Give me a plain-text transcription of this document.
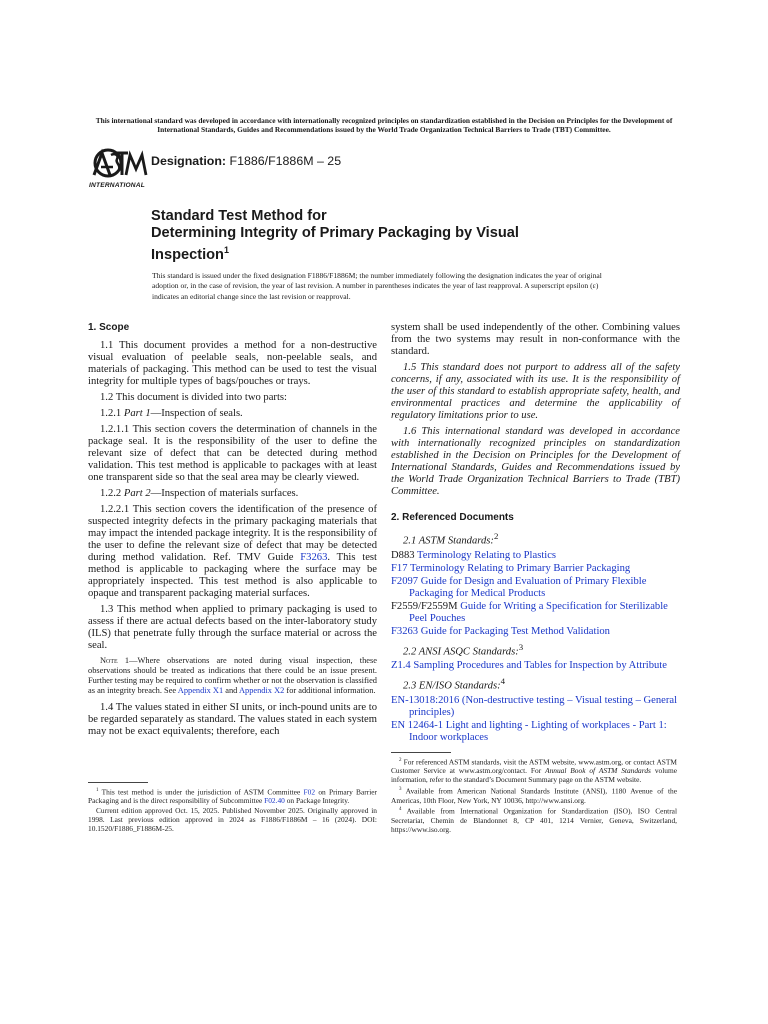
This international standard was developed in accordance with internationally recognized principles on standardization established in the Decision on Principles for the Development of International Standards, Guides and Recommendations issued by the World Trade Organization Technical Barriers to Trade (TBT) Committee.
INTERNATIONAL
Designation: F1886/F1886M – 25
Standard Test Method for
Determining Integrity of Primary Packaging by Visual Inspection$^1$
This standard is issued under the fixed designation F1886/F1886M; the number immediately following the designation indicates the year of original adoption or, in the case of revision, the year of last revision. A number in parentheses indicates the year of last reapproval. A superscript epsilon (ε) indicates an editorial change since the last revision or reapproval.
1. Scope

1.1 This document provides a method for a non-destructive visual evaluation of peelable seals, non-peelable seals, and materials of packaging. This method can be used to test the visual integrity for multiple types of bags/pouches or trays.

1.2 This document is divided into two parts:

1.2.1 Part 1—Inspection of seals.

1.2.1.1 This section covers the determination of channels in the package seal. It is the responsibility of the user to define the relevant size of defect that can be detected during method validation. This test method is applicable to packages with at least one transparent side so that the seal area may be clearly viewed.

1.2.2 Part 2—Inspection of materials surfaces.

1.2.2.1 This section covers the identification of the presence of suspected integrity defects in the primary packaging materials that may impact the intended package integrity. It is the responsibility of the user to define the relevant size of defect that may be detected during method validation. Ref. TMV Guide F3263. This test method is applicable to packaging where the surface may be appropriately inspected. This test method is also applicable to opaque and transparent packaging material surfaces.

1.3 This method when applied to primary packaging is used to assess if there are actual defects based on the inter-laboratory study (ILS) that penetrate fully through the surface material or across the seal.

Note 1—Where observations are noted during visual inspection, these observations should be treated as indications that there could be an issue present. Further testing may be required to confirm whether or not the observation is classified as an integrity breach. See Appendix X1 and Appendix X2 for additional information.

1.4 The values stated in either SI units, or inch-pound units are to be regarded separately as standard. The values stated in each system may not be exact equivalents; therefore, each

system shall be used independently of the other. Combining values from the two systems may result in non-conformance with the standard.

1.5 This standard does not purport to address all of the safety concerns, if any, associated with its use. It is the responsibility of the user of this standard to establish appropriate safety, health, and environmental practices and determine the applicability of regulatory limitations prior to use.

1.6 This international standard was developed in accordance with internationally recognized principles on standardization established in the Decision on Principles for the Development of International Standards, Guides and Recommendations issued by the World Trade Organization Technical Barriers to Trade (TBT) Committee.

2. Referenced Documents

2.1 ASTM Standards:$^2$

D883 Terminology Relating to Plastics
F17 Terminology Relating to Primary Barrier Packaging
F2097 Guide for Design and Evaluation of Primary Flexible Packaging for Medical Products
F2559/F2559M Guide for Writing a Specification for Sterilizable Peel Pouches
F3263 Guide for Packaging Test Method Validation

2.2 ANSI ASQC Standards:$^3$

Z1.4 Sampling Procedures and Tables for Inspection by Attribute

2.3 EN/ISO Standards:$^4$

EN-13018:2016 (Non-destructive testing – Visual testing – General principles)
EN 12464-1 Light and lighting - Lighting of workplaces - Part 1: Indoor workplaces

$^1$ This test method is under the jurisdiction of ASTM Committee F02 on Primary Barrier Packaging and is the direct responsibility of Subcommittee F02.40 on Package Integrity.

Current edition approved Oct. 15, 2025. Published November 2025. Originally approved in 1998. Last previous edition approved in 2024 as F1886/F1886M – 16 (2024). DOI: 10.1520/F1886_F1886M-25.

$^2$ For referenced ASTM standards, visit the ASTM website, www.astm.org, or contact ASTM Customer Service at www.astm.org/contact. For Annual Book of ASTM Standards volume information, refer to the standard’s Document Summary page on the ASTM website.

$^3$ Available from American National Standards Institute (ANSI), 1180 Avenue of the Americas, 10th Floor, New York, NY 10036, http://www.ansi.org.

$^4$ Available from International Organization for Standardization (ISO), ISO Central Secretariat, Chemin de Blandonnet 8, CP 401, 1214 Vernier, Geneva, Switzerland, https://www.iso.org.
